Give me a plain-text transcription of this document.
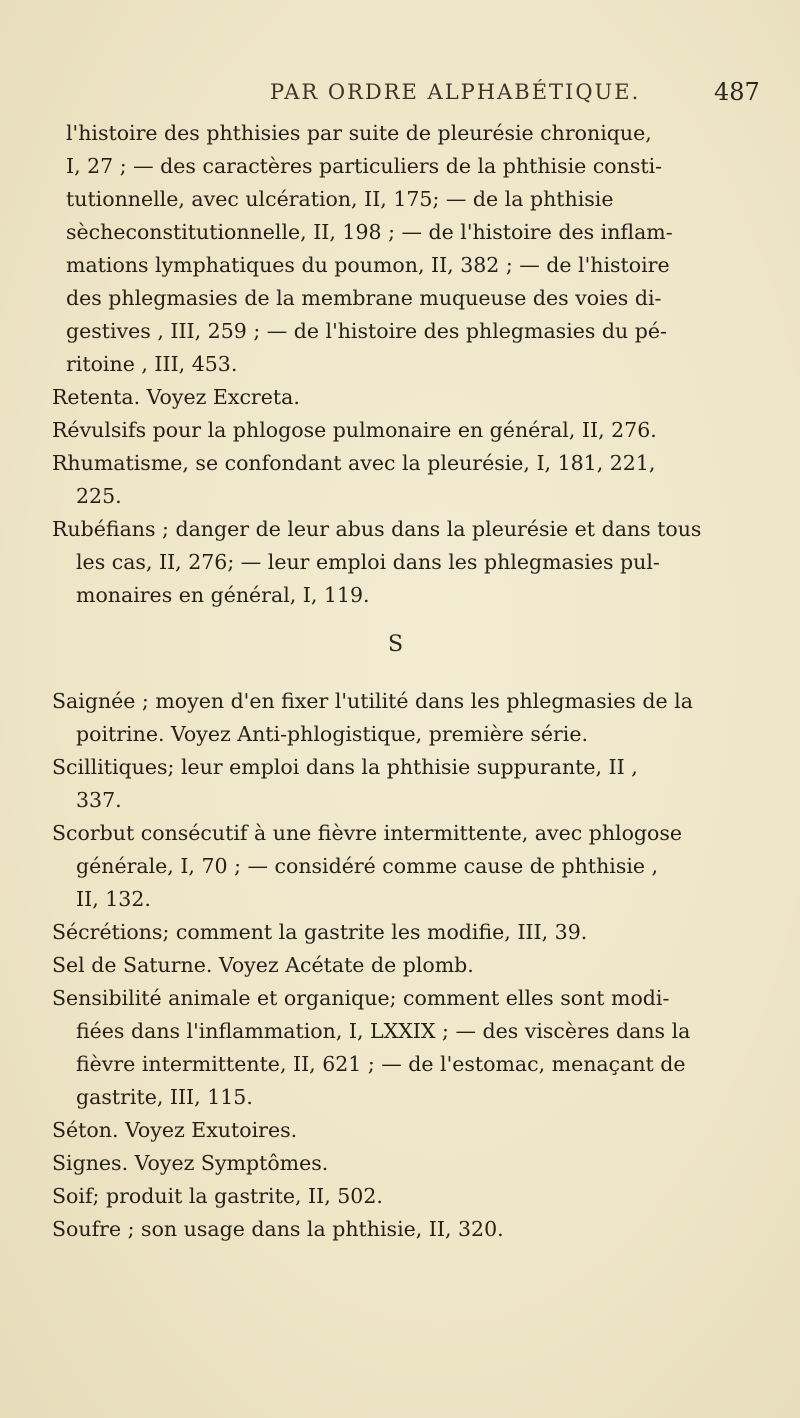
PAR ORDRE ALPHABÉTIQUE.	487
l'histoire des phthisies par suite de pleurésie chronique,
I, 27 ; — des caractères particuliers de la phthisie consti-
tutionnelle, avec ulcération, II, 175; — de la phthisie
sècheconstitutionnelle, II, 198 ; — de l'histoire des inflam-
mations lymphatiques du poumon, II, 382 ; — de l'histoire
des phlegmasies de la membrane muqueuse des voies di-
gestives , III, 259 ; — de l'histoire des phlegmasies du pé-
ritoine , III, 453.
Retenta. Voyez Excreta.
Révulsifs pour la phlogose pulmonaire en général, II, 276.
Rhumatisme, se confondant avec la pleurésie, I, 181, 221,
225.
Rubéfians ; danger de leur abus dans la pleurésie et dans tous
les cas, II, 276; — leur emploi dans les phlegmasies pul-
monaires en général, I, 119.
S
Saignée ; moyen d'en fixer l'utilité dans les phlegmasies de la
poitrine. Voyez Anti-phlogistique, première série.
Scillitiques; leur emploi dans la phthisie suppurante, II ,
337.
Scorbut consécutif à une fièvre intermittente, avec phlogose
générale, I, 70 ; — considéré comme cause de phthisie ,
II, 132.
Sécrétions; comment la gastrite les modifie, III, 39.
Sel de Saturne. Voyez Acétate de plomb.
Sensibilité animale et organique; comment elles sont modi-
fiées dans l'inflammation, I, LXXIX ; — des viscères dans la
fièvre intermittente, II, 621 ; — de l'estomac, menaçant de
gastrite, III, 115.
Séton. Voyez Exutoires.
Signes. Voyez Symptômes.
Soif; produit la gastrite, II, 502.
Soufre ; son usage dans la phthisie, II, 320.
